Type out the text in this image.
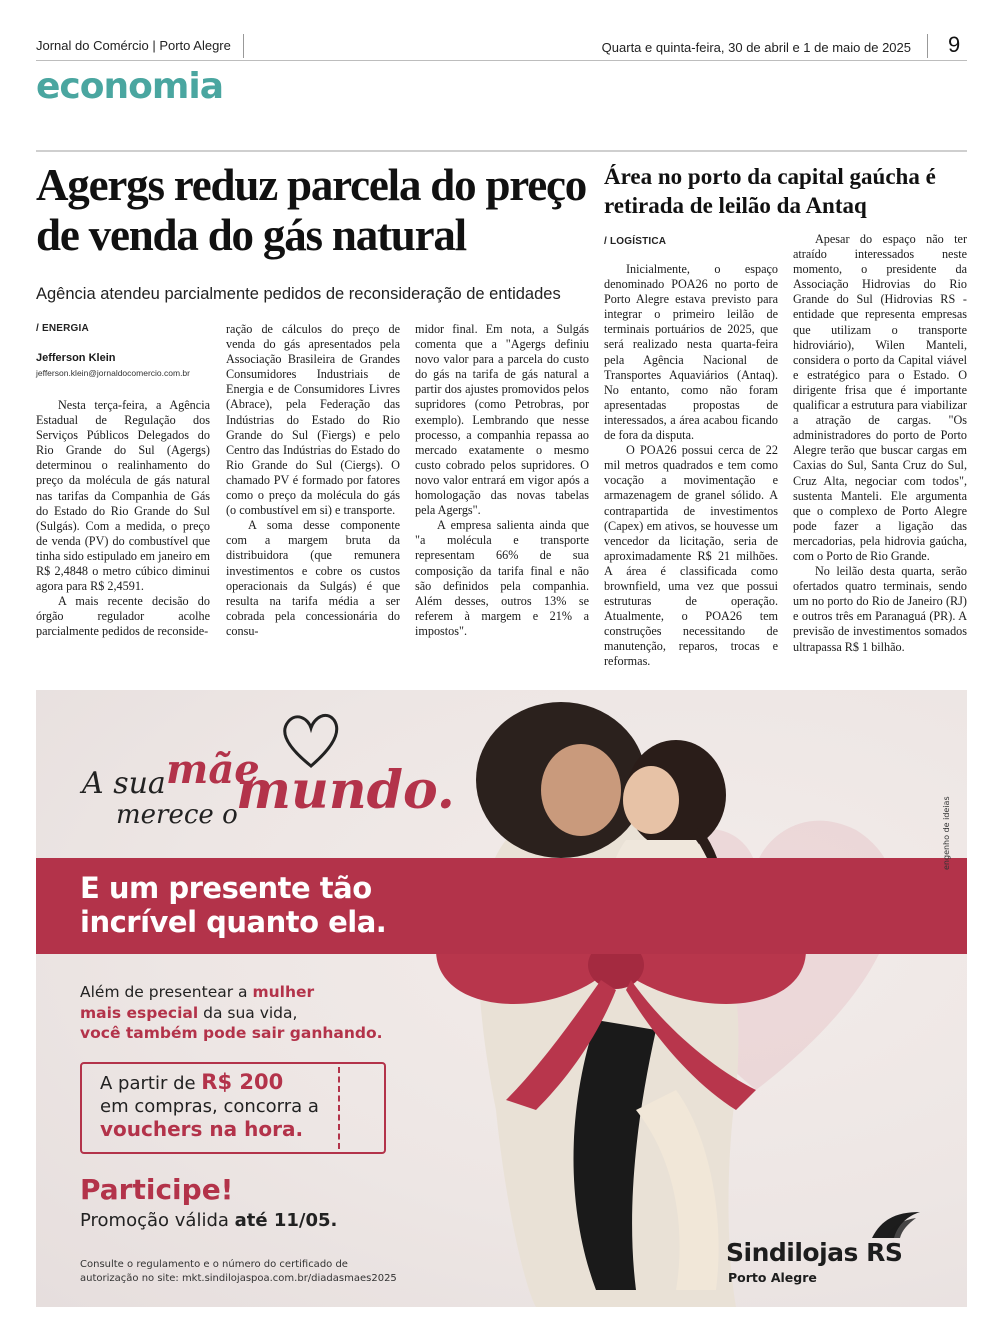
Jornal do Comércio | Porto Alegre	Quarta e quinta-feira, 30 de abril e 1 de maio de 2025 9
economia
Agergs reduz parcela do preço de venda do gás natural
Agência atendeu parcialmente pedidos de reconsideração de entidades
/ ENERGIA
Jefferson Klein
jefferson.klein@jornaldocomercio.com.br

Nesta terça-feira, a Agência Estadual de Regulação dos Serviços Públicos Delegados do Rio Grande do Sul (Agergs) determinou o realinhamento do preço da molécula de gás natural nas tarifas da Companhia de Gás do Estado do Rio Grande do Sul (Sulgás). Com a medida, o preço de venda (PV) do combustível que tinha sido estipulado em janeiro em R$ 2,4848 o metro cúbico diminui agora para R$ 2,4591.

A mais recente decisão do órgão regulador acolhe parcialmente pedidos de reconside-

ração de cálculos do preço de venda do gás apresentados pela Associação Brasileira de Grandes Consumidores Industriais de Energia e de Consumidores Livres (Abrace), pela Federação das Indústrias do Estado do Rio Grande do Sul (Fiergs) e pelo Centro das Indústrias do Estado do Rio Grande do Sul (Ciergs). O chamado PV é formado por fatores como o preço da molécula do gás (o combustível em si) e transporte.

A soma desse componente com a margem bruta da distribuidora (que remunera investimentos e cobre os custos operacionais da Sulgás) é que resulta na tarifa média a ser cobrada pela concessionária do consu-

midor final. Em nota, a Sulgás comenta que a "Agergs definiu novo valor para a parcela do custo do gás na tarifa de gás natural a partir dos ajustes promovidos pelos supridores (como Petrobras, por exemplo). Lembrando que nesse processo, a companhia repassa ao mercado exatamente o mesmo custo cobrado pelos supridores. O novo valor entrará em vigor após a homologação das novas tabelas pela Agergs".

A empresa salienta ainda que "a molécula e transporte representam 66% de sua composição da tarifa final e não são definidos pela companhia. Além desses, outros 13% se referem à margem e 21% a impostos".

Área no porto da capital gaúcha é retirada de leilão da Antaq
/ LOGÍSTICA

Inicialmente, o espaço denominado POA26 no porto de Porto Alegre estava previsto para integrar o primeiro leilão de terminais portuários de 2025, que será realizado nesta quarta-feira pela Agência Nacional de Transportes Aquaviários (Antaq). No entanto, como não foram apresentadas propostas de interessados, a área acabou ficando de fora da disputa.

O POA26 possui cerca de 22 mil metros quadrados e tem como vocação a movimentação e armazenagem de granel sólido. A contrapartida de investimentos (Capex) em ativos, se houvesse um vencedor da licitação, seria de aproximadamente R$ 21 milhões. A área é classificada como brownfield, uma vez que possui estruturas de operação. Atualmente, o POA26 tem construções necessitando de manutenção, reparos, trocas e reformas.

Apesar do espaço não ter atraído interessados neste momento, o presidente da Associação Hidrovias do Rio Grande do Sul (Hidrovias RS - entidade que representa empresas que utilizam o transporte hidroviário), Wilen Manteli, considera o porto da Capital viável e estratégico para o Estado. O dirigente frisa que é importante qualificar a estrutura para viabilizar a atração de cargas. "Os administradores do porto de Porto Alegre terão que buscar cargas em Caxias do Sul, Santa Cruz do Sul, Cruz Alta, negociar com todos", sustenta Manteli. Ele argumenta que o complexo de Porto Alegre pode fazer a ligação das mercadorias, pela hidrovia gaúcha, com o Porto de Rio Grande.

No leilão desta quarta, serão ofertados quatro terminais, sendo um no porto do Rio de Janeiro (RJ) e outros três em Paranaguá (PR). A previsão de investimentos somados ultrapassa R$ 1 bilhão.

E um presente tão
incrível quanto ela.
A sua mãe
merece o
mundo.
Além de presentear a mulher
mais especial da sua vida,
você também pode sair ganhando.
A partir de R$ 200
em compras, concorra a
vouchers na hora.
Participe!
Promoção válida até 11/05.
Consulte o regulamento e o número do certificado de
autorização no site: mkt.sindilojaspoa.com.br/diadasmaes2025
Sindilojas RS
Porto Alegre
engenho de ideias
